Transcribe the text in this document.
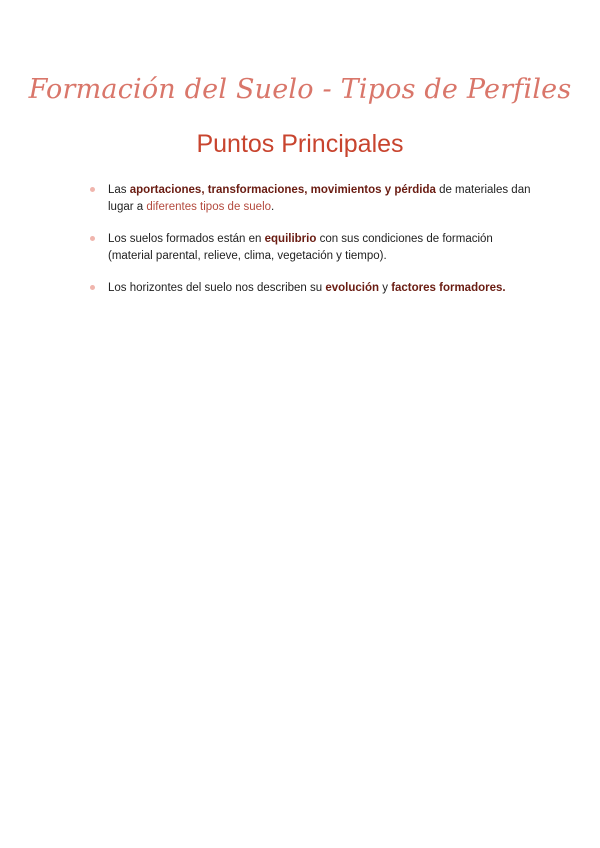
Formación del Suelo - Tipos de Perfiles
Puntos Principales
Las aportaciones, transformaciones, movimientos y pérdida de materiales dan lugar a diferentes tipos de suelo.
Los suelos formados están en equilibrio con sus condiciones de formación (material parental, relieve, clima, vegetación y tiempo).
Los horizontes del suelo nos describen su evolución y factores formadores.
